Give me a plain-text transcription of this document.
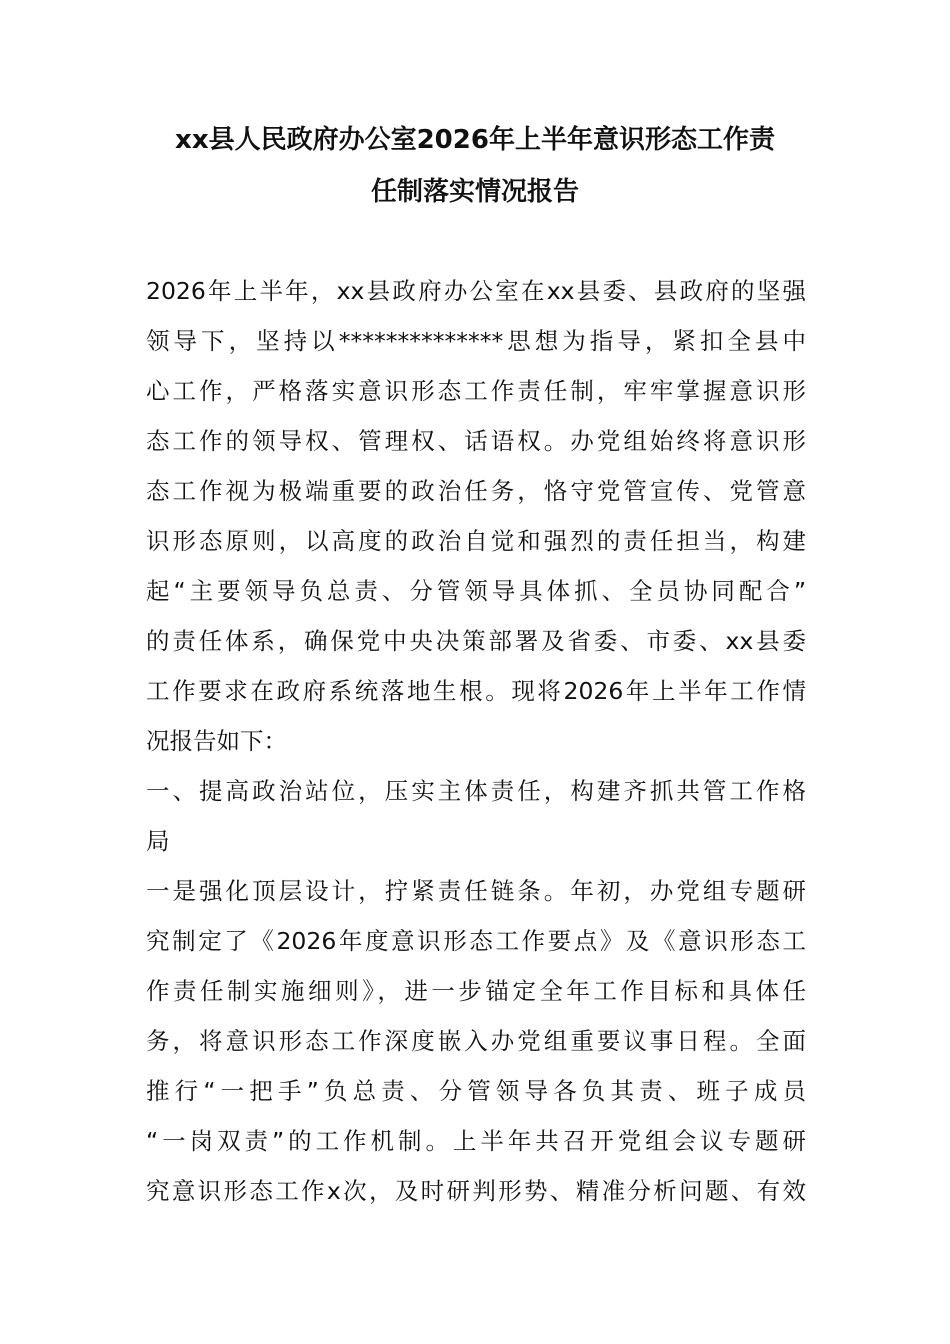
xx县人民政府办公室2026年上半年意识形态工作责
任制落实情况报告
2026年上半年，xx县政府办公室在xx县委、县政府的坚强
领导下，坚持以**************思想为指导，紧扣全县中
心工作，严格落实意识形态工作责任制，牢牢掌握意识形
态工作的领导权、管理权、话语权。办党组始终将意识形
态工作视为极端重要的政治任务，恪守党管宣传、党管意
识形态原则，以高度的政治自觉和强烈的责任担当，构建
起“主要领导负总责、分管领导具体抓、全员协同配合”
的责任体系，确保党中央决策部署及省委、市委、xx县委
工作要求在政府系统落地生根。现将2026年上半年工作情
况报告如下：
一、提高政治站位，压实主体责任，构建齐抓共管工作格
局
一是强化顶层设计，拧紧责任链条。年初，办党组专题研
究制定了《2026年度意识形态工作要点》及《意识形态工
作责任制实施细则》，进一步锚定全年工作目标和具体任
务，将意识形态工作深度嵌入办党组重要议事日程。全面
推行“一把手”负总责、分管领导各负其责、班子成员
“一岗双责”的工作机制。上半年共召开党组会议专题研
究意识形态工作x次，及时研判形势、精准分析问题、有效
